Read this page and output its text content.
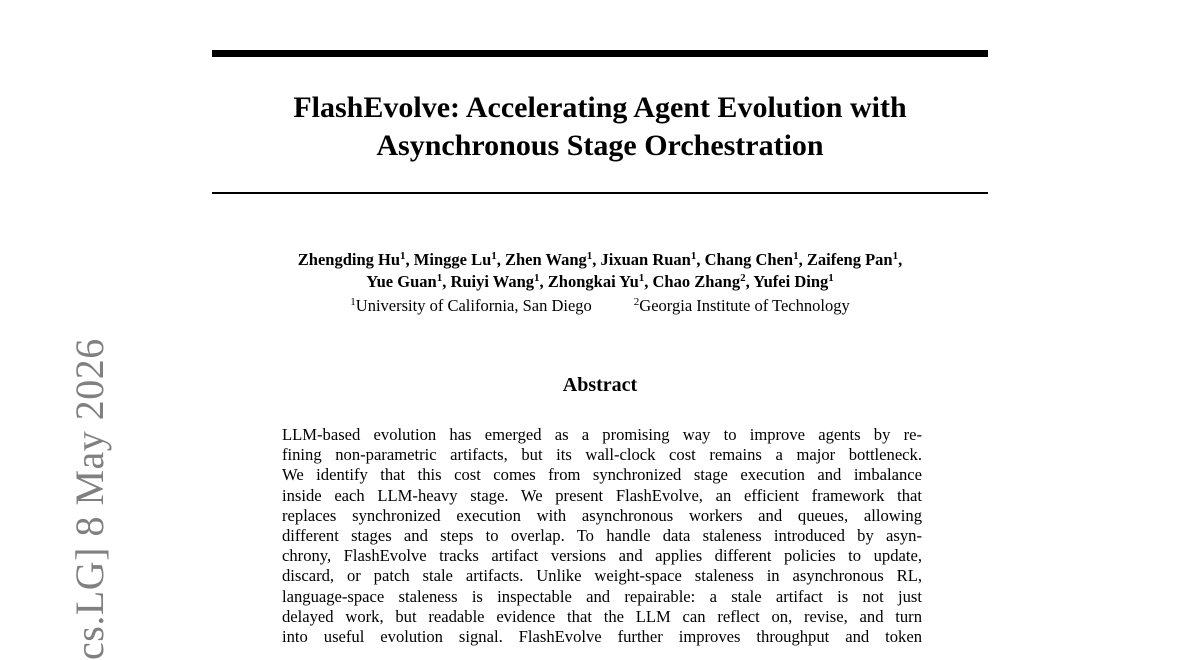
FlashEvolve: Accelerating Agent Evolution with
Asynchronous Stage Orchestration
Zhengding Hu$^1$, Mingge Lu$^1$, Zhen Wang$^1$, Jixuan Ruan$^1$, Chang Chen$^1$, Zaifeng Pan$^1$,
Yue Guan$^1$, Ruiyi Wang$^1$, Zhongkai Yu$^1$, Chao Zhang$^2$, Yufei Ding$^1$
$^1$University of California, San Diego	$^2$Georgia Institute of Technology
Abstract
LLM-based evolution has emerged as a promising way to improve agents by re-
fining non-parametric artifacts, but its wall-clock cost remains a major bottleneck.
We identify that this cost comes from synchronized stage execution and imbalance
inside each LLM-heavy stage. We present FlashEvolve, an efficient framework that
replaces synchronized execution with asynchronous workers and queues, allowing
different stages and steps to overlap. To handle data staleness introduced by asyn-
chrony, FlashEvolve tracks artifact versions and applies different policies to update,
discard, or patch stale artifacts. Unlike weight-space staleness in asynchronous RL,
language-space staleness is inspectable and repairable: a stale artifact is not just
delayed work, but readable evidence that the LLM can reflect on, revise, and turn
into useful evolution signal. FlashEvolve further improves throughput and token
cs.LG] 8 May 2026
